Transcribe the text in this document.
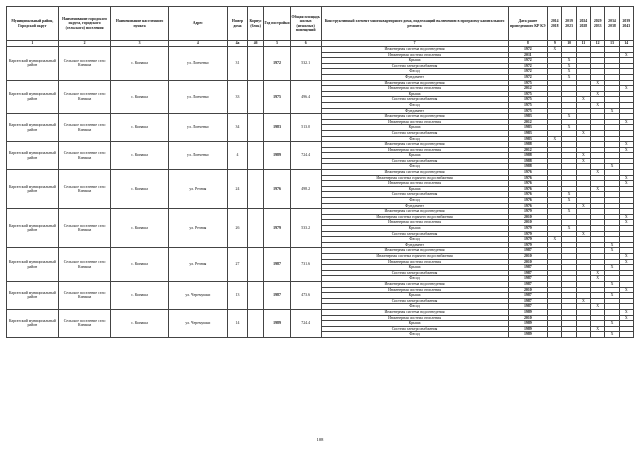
Муниципальный район, Городской округ	Наименование городского округа, городского (сельского) поселения	Наименование населенного пункта	Адрес	Номер дома	Корпус (блок)	Год постройки	Общая площадь жилых (нежилых) помещений	Конструктивный элемент многоквартирного дома, подлежащий включению в программу капитального ремонта	Дата ранее проведенного КР КЭ	2014 2018	2019 2023	2024 2028	2029 2033	2034 2038	2039 2043
1	2	3	4	4а	4б	5	6	7	8	9	10	11	12	13	14
Каргатский муниципальный район	Сельское поселение село Кинаша	с. Кинаша	ул. Лонченко	31		1972	532.1	Инженерная система водоотведения	1972	X					
								Инженерная система отопления	2011						X
								Крыша	1972		X				
								Система электроснабжения	1972		X				
								Фасад	1972		X				
								Фундамент	1972		X				
Каргатский муниципальный район	Сельское поселение село Кинаша	с. Кинаша	ул. Лонченко	33		1975	496.4	Инженерная система водоотведения	1975				X		
								Инженерная система отопления	2012						X
								Крыша	1975				X		
								Система электроснабжения	1975			X			
								Фасад	1975				X		
								Фундамент	1975					X	
Каргатский муниципальный район	Сельское поселение село Кинаша	с. Кинаша	ул. Лонченко	34		1983	513.0	Инженерная система водоотведения	1983		X				
								Инженерная система отопления	2012						X
								Крыша	1983		X				
								Система электроснабжения	1983			X			
								Фасад	1983	X					
Каргатский муниципальный район	Сельское поселение село Кинаша	с. Кинаша	ул. Лонченко	4		1989	724.4	Инженерная система водоотведения	1988						X
								Инженерная система отопления	2012						X
								Крыша	1988			X			
								Система электроснабжения	1988			X			
								Фасад	1988					X	
Каргатский муниципальный район	Сельское поселение село Кинаша	с. Кинаша	ул. Речная	24		1976	498.2	Инженерная система водоотведения	1976				X		
								Инженерная система горячего водоснабжения	1976						X
								Инженерная система отопления	1976						X
								Крыша	1976				X		
								Система электроснабжения	1976		X				
								Фасад	1976		X				
								Фундамент	1976			X			
Каргатский муниципальный район	Сельское поселение село Кинаша	с. Кинаша	ул. Речная	26		1979	533.2	Инженерная система водоотведения	1979		X				
								Инженерная система горячего водоснабжения	2010						X
								Инженерная система отопления	2010						X
								Крыша	1979		X				
								Система электроснабжения	1979			X			
								Фасад	1979	X					
								Фундамент	1979					X	
Каргатский муниципальный район	Сельское поселение село Кинаша	с. Кинаша	ул. Речная	27		1987	731.6	Инженерная система водоотведения	1987					X	
								Инженерная система горячего водоснабжения	2010						X
								Инженерная система отопления	2010						X
								Крыша	1987					X	
								Система электроснабжения	1987				X		
								Фасад	1987				X		
Каргатский муниципальный район	Сельское поселение село Кинаша	с. Кинаша	ул. Черемушки	13		1987	473.6	Инженерная система водоотведения	1987					X	
								Инженерная система отопления	2010						X
								Крыша	1987					X	
								Система электроснабжения	1987			X			
								Фасад	1987				X		
Каргатский муниципальный район	Сельское поселение село Кинаша	с. Кинаша	ул. Черемушки	14		1989	724.4	Инженерная система водоотведения	1989						X
								Инженерная система отопления	2010						X
								Крыша	1989					X	
								Система электроснабжения	1989				X		
								Фасад	1989					X	
108
